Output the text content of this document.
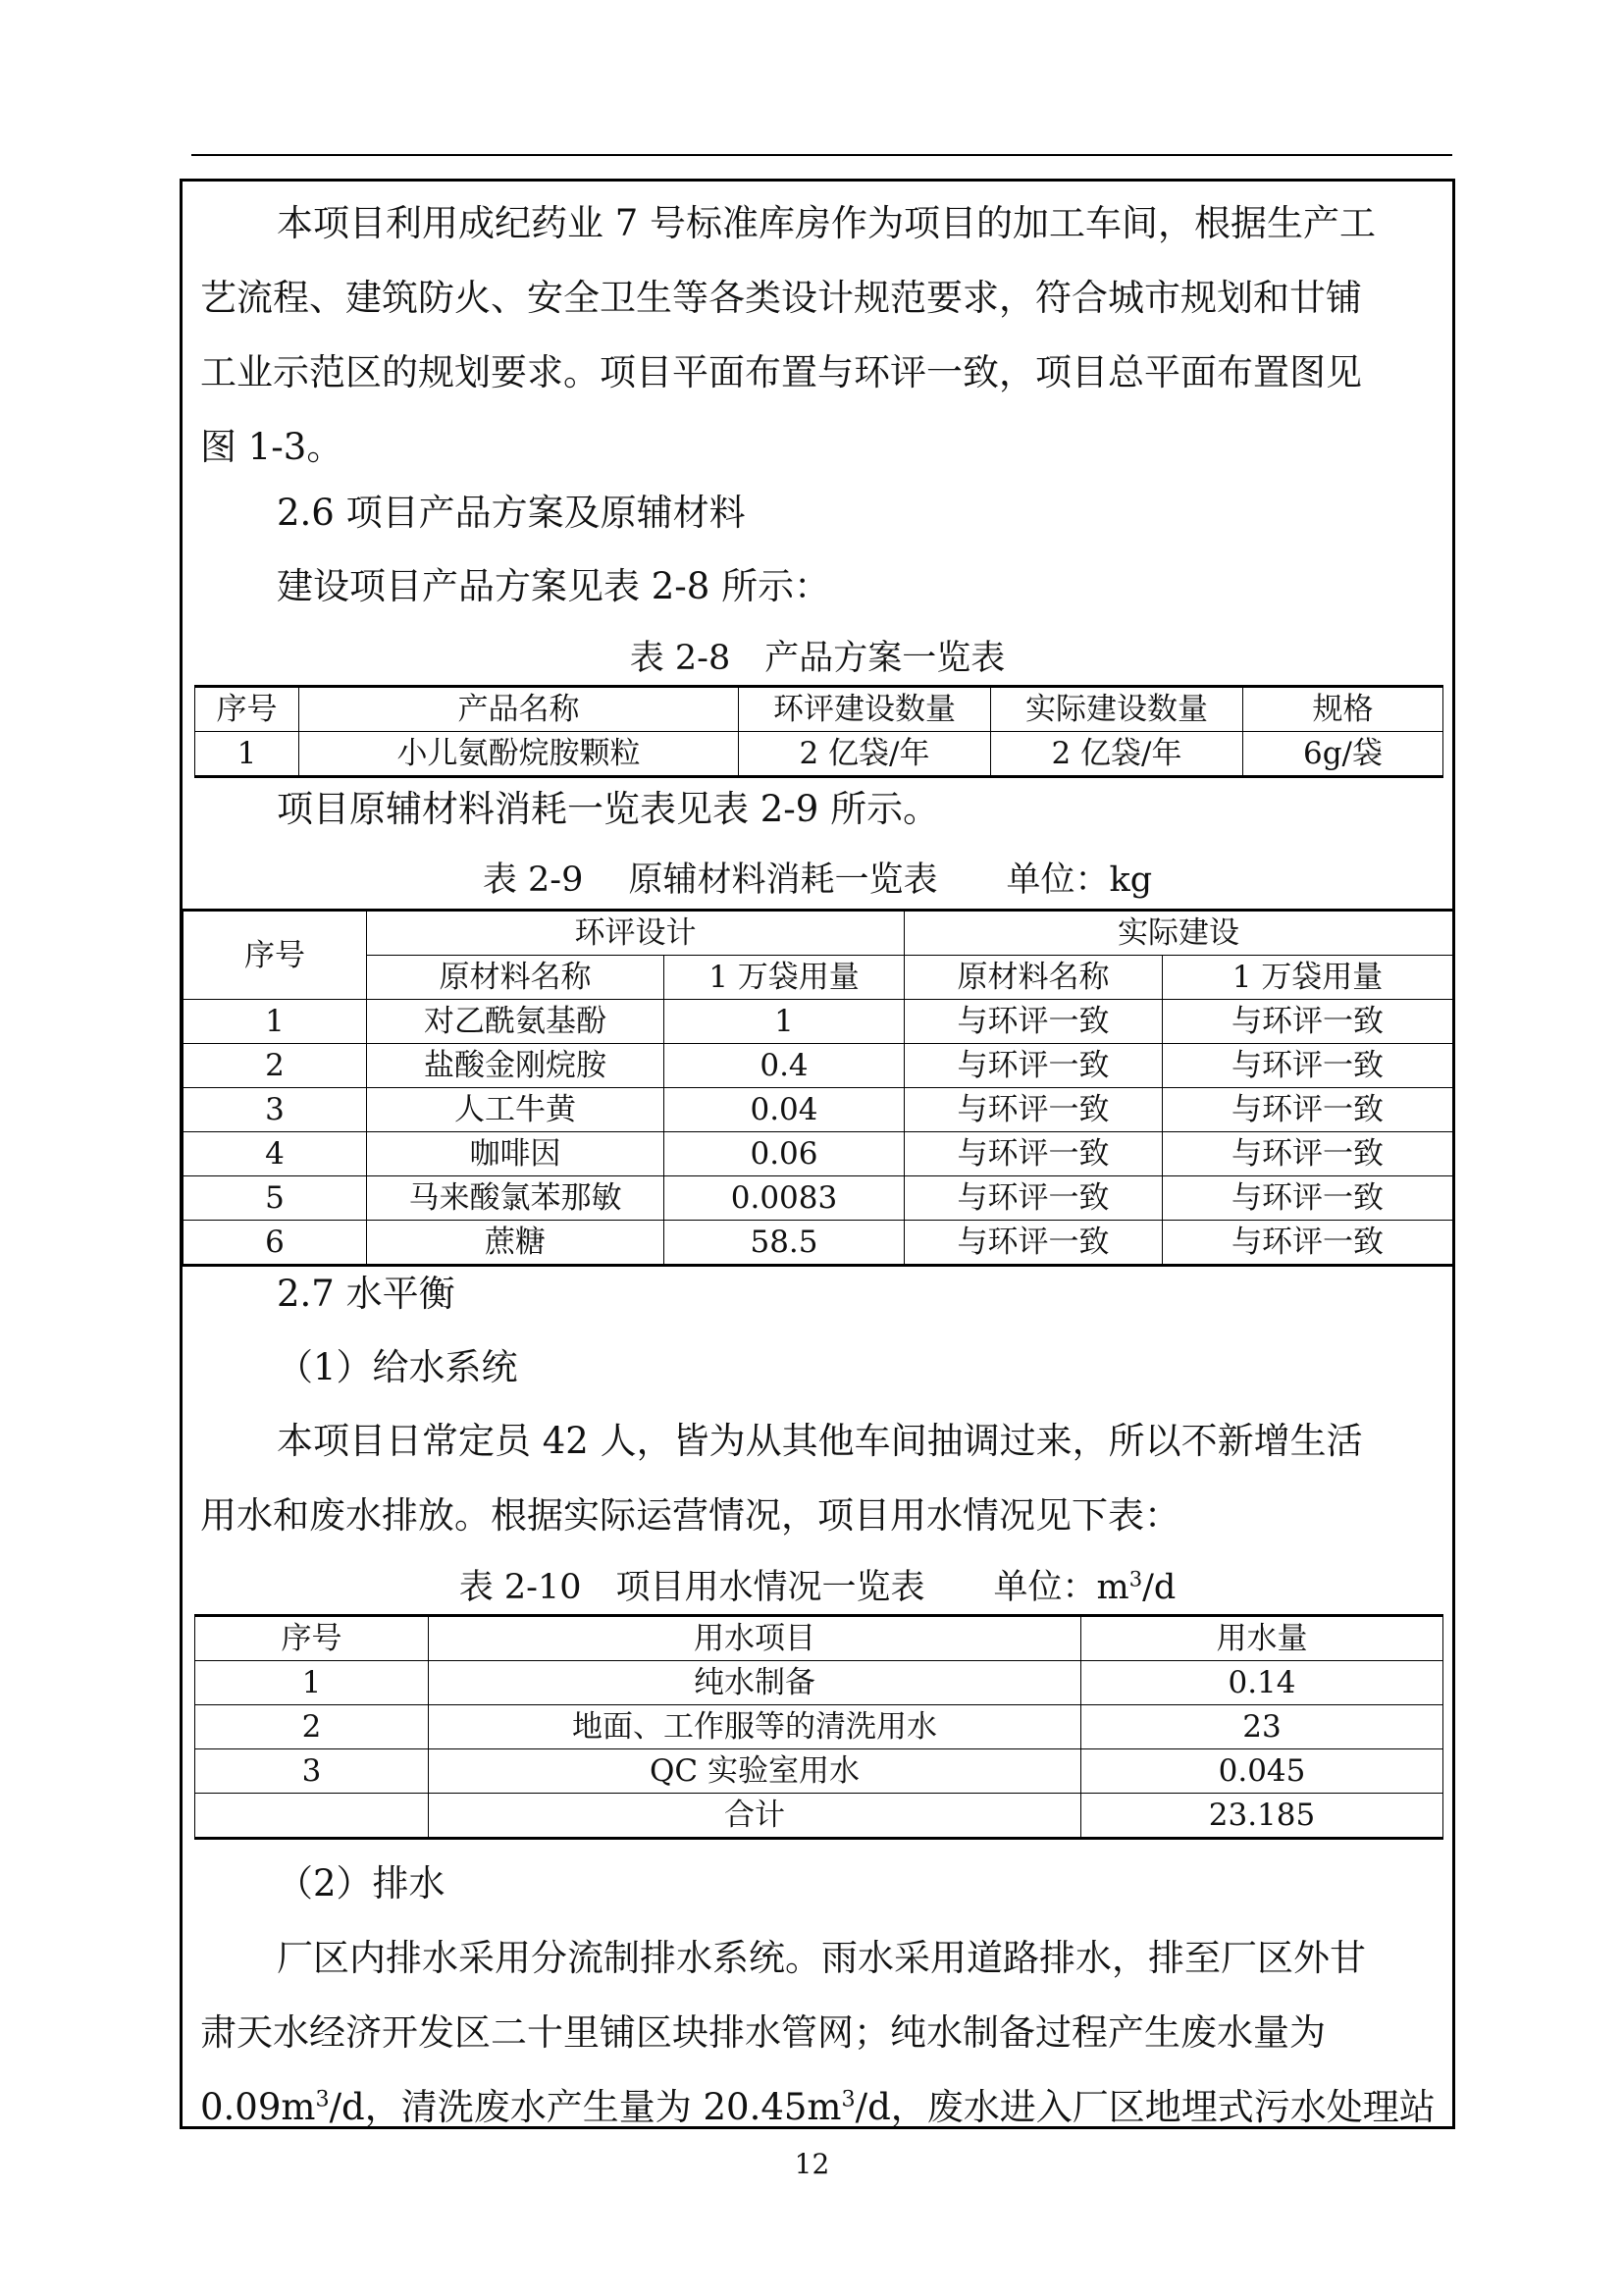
本项目利用成纪药业 7 号标准库房作为项目的加工车间，根据生产工
艺流程、建筑防火、安全卫生等各类设计规范要求，符合城市规划和廿铺
工业示范区的规划要求。项目平面布置与环评一致，项目总平面布置图见
图 1-3。
2.6 项目产品方案及原辅材料
建设项目产品方案见表 2-8 所示：
表 2-8　产品方案一览表
序号	产品名称	环评建设数量	实际建设数量	规格
1	小儿氨酚烷胺颗粒	2 亿袋/年	2 亿袋/年	6g/袋
项目原辅材料消耗一览表见表 2-9 所示。
表 2-9　 原辅材料消耗一览表　　单位：kg
序号	环评设计		实际建设	
	原材料名称	1 万袋用量	原材料名称	1 万袋用量
1	对乙酰氨基酚	1	与环评一致	与环评一致
2	盐酸金刚烷胺	0.4	与环评一致	与环评一致
3	人工牛黄	0.04	与环评一致	与环评一致
4	咖啡因	0.06	与环评一致	与环评一致
5	马来酸氯苯那敏	0.0083	与环评一致	与环评一致
6	蔗糖	58.5	与环评一致	与环评一致
2.7 水平衡
（1）给水系统
本项目日常定员 42 人，皆为从其他车间抽调过来，所以不新增生活
用水和废水排放。根据实际运营情况，项目用水情况见下表：
表 2-10　项目用水情况一览表　　单位：$m^3/d$
序号	用水项目	用水量
1	纯水制备	0.14
2	地面、工作服等的清洗用水	23
3	QC 实验室用水	0.045
	合计	23.185
（2）排水
厂区内排水采用分流制排水系统。雨水采用道路排水，排至厂区外甘
肃天水经济开发区二十里铺区块排水管网；纯水制备过程产生废水量为
$0.09m^3/d$，清洗废水产生量为 $20.45m^3/d$，废水进入厂区地埋式污水处理站
12
